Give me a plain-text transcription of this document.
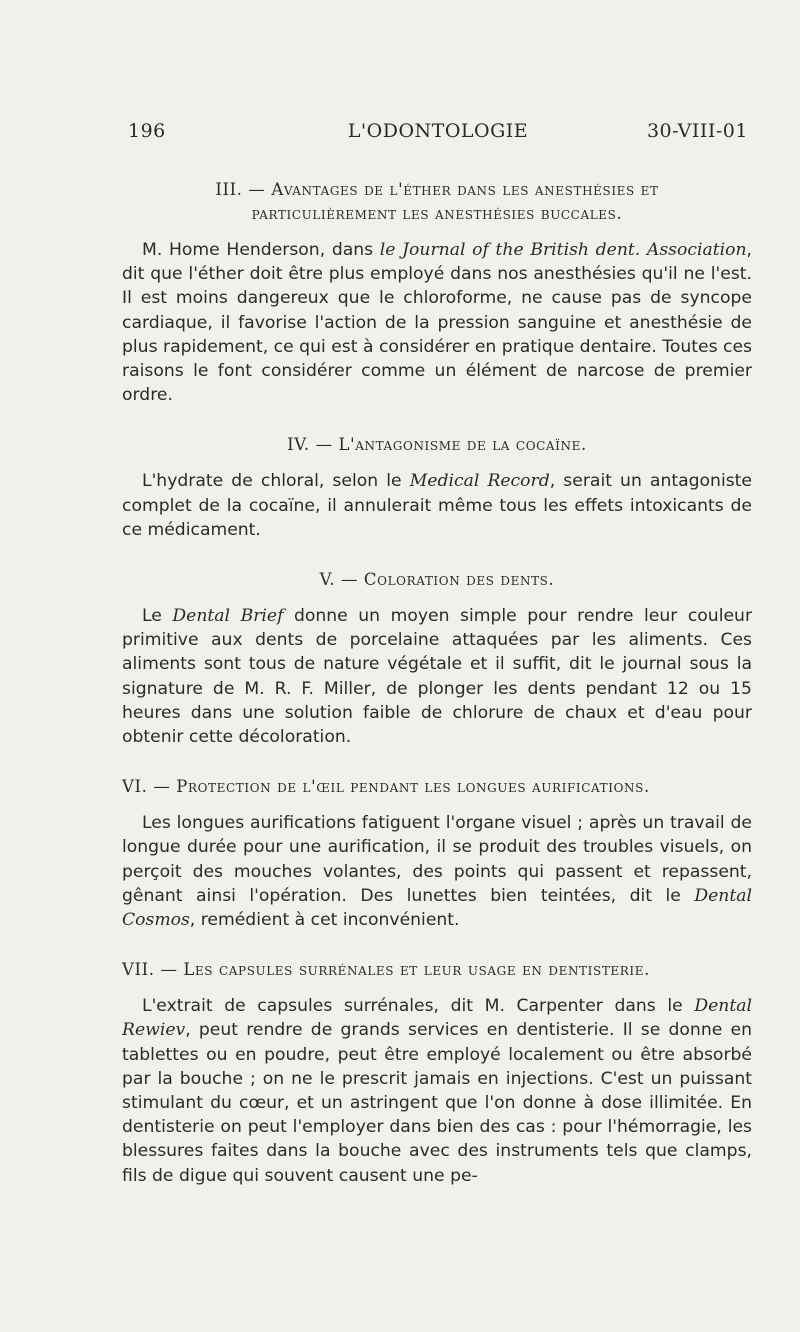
196	L'ODONTOLOGIE	30-VIII-01

III. — Avantages de l'éther dans les anesthésies et
particulièrement les anesthésies buccales.

M. Home Henderson, dans le Journal of the British dent. Association, dit que l'éther doit être plus employé dans nos anesthésies qu'il ne l'est. Il est moins dangereux que le chloroforme, ne cause pas de syncope cardiaque, il favorise l'action de la pression sanguine et anesthésie de plus rapidement, ce qui est à considérer en pratique dentaire. Toutes ces raisons le font considérer comme un élément de narcose de premier ordre.

IV. — L'antagonisme de la cocaïne.

L'hydrate de chloral, selon le Medical Record, serait un antagoniste complet de la cocaïne, il annulerait même tous les effets intoxicants de ce médicament.

V. — Coloration des dents.

Le Dental Brief donne un moyen simple pour rendre leur couleur primitive aux dents de porcelaine attaquées par les aliments. Ces aliments sont tous de nature végétale et il suffit, dit le journal sous la signature de M. R. F. Miller, de plonger les dents pendant 12 ou 15 heures dans une solution faible de chlorure de chaux et d'eau pour obtenir cette décoloration.

VI. — Protection de l'œil pendant les longues aurifications.

Les longues aurifications fatiguent l'organe visuel ; après un travail de longue durée pour une aurification, il se produit des troubles visuels, on perçoit des mouches volantes, des points qui passent et repassent, gênant ainsi l'opération. Des lunettes bien teintées, dit le Dental Cosmos, remédient à cet inconvénient.

VII. — Les capsules surrénales et leur usage en dentisterie.

L'extrait de capsules surrénales, dit M. Carpenter dans le Dental Rewiev, peut rendre de grands services en dentisterie. Il se donne en tablettes ou en poudre, peut être employé localement ou être absorbé par la bouche ; on ne le prescrit jamais en injections. C'est un puissant stimulant du cœur, et un astringent que l'on donne à dose illimitée. En dentisterie on peut l'employer dans bien des cas : pour l'hémorragie, les blessures faites dans la bouche avec des instruments tels que clamps, fils de digue qui souvent causent une pe-
